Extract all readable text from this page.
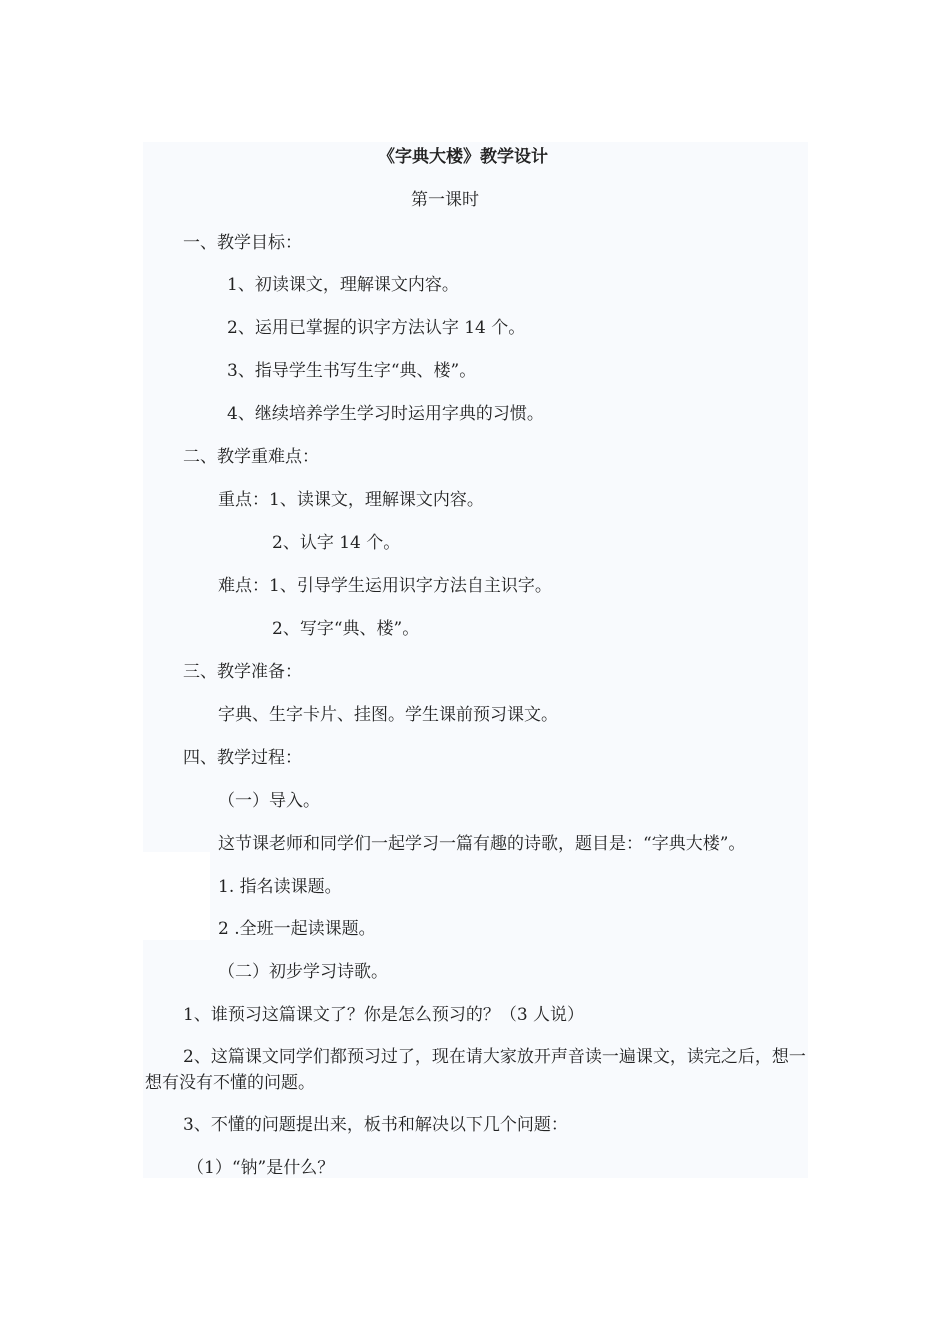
《字典大楼》教学设计
第一课时
一、教学目标：
1、初读课文，理解课文内容。
2、运用已掌握的识字方法认字 14 个。
3、指导学生书写生字“典、楼”。
4、继续培养学生学习时运用字典的习惯。
二、教学重难点：
重点：1、读课文，理解课文内容。
2、认字 14 个。
难点：1、引导学生运用识字方法自主识字。
2、写字“典、楼”。
三、教学准备：
字典、生字卡片、挂图。学生课前预习课文。
四、教学过程：
（一）导入。
这节课老师和同学们一起学习一篇有趣的诗歌，题目是：“字典大楼”。
1. 指名读课题。
2 .全班一起读课题。
（二）初步学习诗歌。
1、谁预习这篇课文了？你是怎么预习的？（3 人说）
2、这篇课文同学们都预习过了，现在请大家放开声音读一遍课文，读完之后，想一想有没有不懂的问题。
3、不懂的问题提出来，板书和解决以下几个问题：
（1）“钠”是什么？
